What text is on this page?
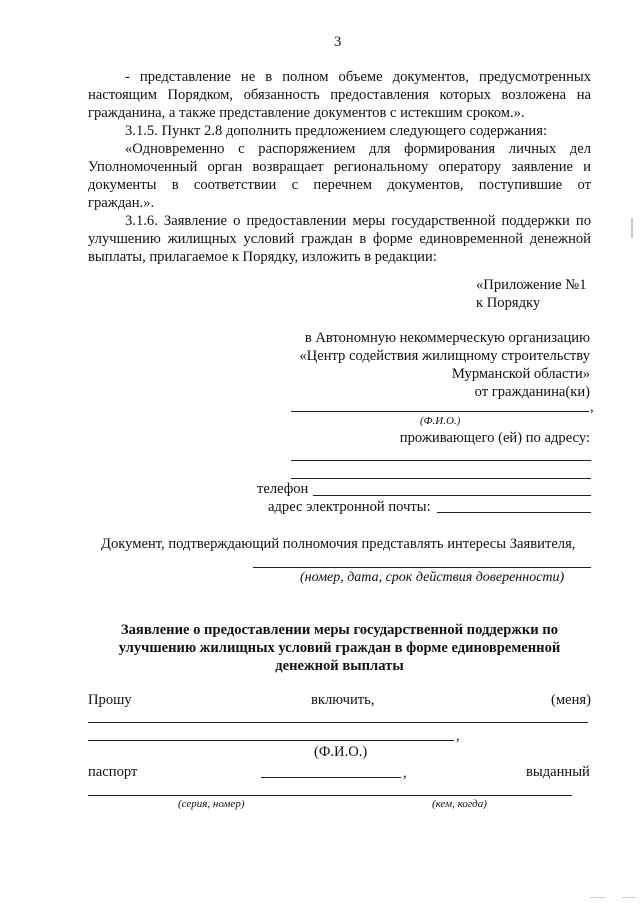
3
- представление не в полном объеме документов, предусмотренных
настоящим Порядком, обязанность предоставления которых возложена на
гражданина, а также представление документов с истекшим сроком.».
3.1.5. Пункт 2.8 дополнить предложением следующего содержания:
«Одновременно с распоряжением для формирования личных дел
Уполномоченный орган возвращает региональному оператору заявление и
документы в соответствии с перечнем документов, поступившие от
граждан.».
3.1.6. Заявление о предоставлении меры государственной поддержки по
улучшению жилищных условий граждан в форме единовременной денежной
выплаты, прилагаемое к Порядку, изложить в редакции:
«Приложение №1
к Порядку
в Автономную некоммерческую организацию
«Центр содействия жилищному строительству
Мурманской области»
от гражданина(ки)
,
(Ф.И.О.)
проживающего (ей) по адресу:
телефон
адрес электронной почты:
Документ, подтверждающий полномочия представлять интересы Заявителя,
(номер, дата, срок действия доверенности)
Заявление о предоставлении меры государственной поддержки по
улучшению жилищных условий граждан в форме единовременной
денежной выплаты
Прошу	включить,	(меня)
,
(Ф.И.О.)
паспорт	,	выданный
(серия, номер)	(кем, когда)
